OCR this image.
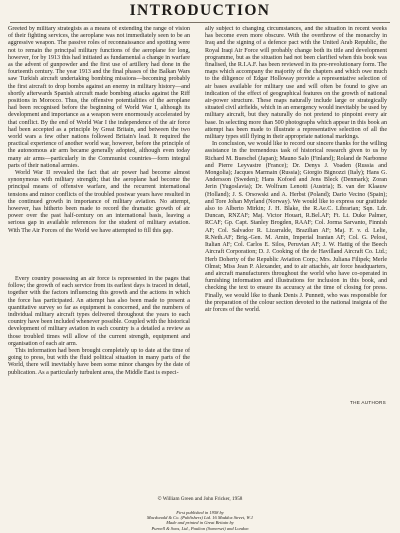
INTRODUCTION

Greeted by military strategists as a means of extending the range of vision of their fighting services, the aeroplane was not immediately seen to be an aggressive weapon. The passive roles of reconnaissance and spotting were not to remain the principal military functions of the aeroplane for long, however, for by 1913 this had initiated as fundamental a change in warfare as the advent of gunpowder and the first use of artillery had done in the fourteenth century. The year 1913 and the final phases of the Balkan Wars saw Turkish aircraft undertaking bombing missions—becoming probably the first aircraft to drop bombs against an enemy in military history—and shortly afterwards Spanish aircraft made bombing attacks against the Riff positions in Morocco. Thus, the offensive potentialities of the aeroplane had been recognised before the beginning of World War I, although its development and importance as a weapon were enormously accelerated by that conflict. By the end of World War I the independence of the air force had been accepted as a principle by Great Britain, and between the two world wars a few other nations followed Britain's lead. It required the practical experience of another world war, however, before the principle of the autonomous air arm became generally adopted, although even today many air arms—particularly in the Communist countries—form integral parts of their national armies.

World War II revealed the fact that air power had become almost synonymous with military strength; that the aeroplane had become the principal means of offensive warfare, and the recurrent international tensions and minor conflicts of the troubled postwar years have resulted in the continued growth in importance of military aviation. No attempt, however, has hitherto been made to record the dramatic growth of air power over the past half-century on an international basis, leaving a serious gap in available references for the student of military aviation. With The Air Forces of the World we have attempted to fill this gap.

Every country possessing an air force is represented in the pages that follow; the growth of each service from its earliest days is traced in detail, together with the factors influencing this growth and the actions in which the force has participated. An attempt has also been made to present a quantitative survey so far as equipment is concerned, and the numbers of individual military aircraft types delivered throughout the years to each country have been included whenever possible. Coupled with the historical development of military aviation in each country is a detailed a review as those troubled times will allow of the current strength, equipment and organisation of each air arm.

This information had been brought completely up to date at the time of going to press, but with the fluid political situation in many parts of the World, there will inevitably have been some minor changes by the date of publication. As a particularly turbulent area, the Middle East is especi-

ally subject to changing circumstances, and the situation in recent weeks has become even more obscure. With the overthrow of the monarchy in Iraq and the signing of a defence pact with the United Arab Republic, the Royal Iraqi Air Force will probably change both its title and development programme, but as the situation had not been clarified when this book was finalised, the R.I.A.F. has been reviewed in its pre-revolutionary form. The maps which accompany the majority of the chapters and which owe much to the diligence of Edgar Holloway provide a representative selection of air bases available for military use and will often be found to give an indication of the effect of geographical features on the growth of national air-power structure. These maps naturally include large or strategically situated civil airfields, which in an emergency would inevitably be used by military aircraft, but they naturally do not pretend to pinpoint every air base. In selecting more than 500 photographs which appear in this book an attempt has been made to illustrate a representative selection of all the military types still flying in their appropriate national markings.

In conclusion, we would like to record our sincere thanks for the willing assistance in the tremendous task of historical research given to us by Richard M. Bueschel (Japan); Mauno Salo (Finland); Roland de Narbonne and Pierre Leyvastre (France); Dr. Denys J. Voaden (Russia and Mongolia); Jacques Marmain (Russia); Giorgio Bignozzi (Italy); Hans G. Andersson (Sweden); Hans Kofoed and Jens Bleck (Denmark); Zoran Jerin (Yugoslavia); Dr. Wolfram Lenotti (Austria); B. van der Klaauw (Holland); J. S. Orsowski and A. Herbst (Poland); Dario Vecino (Spain); and Tore Johan Myrland (Norway). We would like to express our gratitude also to Alberto Mirkin; J. H. Blake, the R.Ae.C. Librarian; Sqn. Ldr. Duncan, RNZAF; Maj. Victor Houart, R.Bel.AF; Ft. Lt. Duke Palmer, RCAF; Gp. Capt. Stanley Brogden, RAAF; Col. Jorma Sarvanto, Finnish AF; Col. Salvador R. Lizarralde, Brazilian AF; Maj. F. v. d. Lelie, R.Neth.AF; Brig.-Gen. M. Amin, Imperial Iranian AF; Col. G. Pelosi, Italian AF; Col. Carlos E. Silos, Peruvian AF; J. W. Hattig of the Beech Aircraft Corporation; D. J. Cooking of the de Havilland Aircraft Co. Ltd.; Herb Doherty of the Republic Aviation Corp.; Mrs. Juliana Filipek; Merle Olmst; Miss Jean P. Alexander, and to air attachés, air force headquarters, and aircraft manufacturers throughout the world who have co-operated in furnishing information and illustrations for inclusion in this book, and checking the text to ensure its accuracy at the time of closing for press. Finally, we would like to thank Denis J. Punnett, who was responsible for the preparation of the colour section devoted to the national insignia of the air forces of the world.

THE AUTHORS
© William Green and John Fricker, 1958
First published in 1958 by
Macdonald & Co. (Publishers) Ltd. 16 Maddox Street, W.1
Made and printed in Great Britain by
Purnell & Sons, Ltd., Paulton (Somerset) and London
